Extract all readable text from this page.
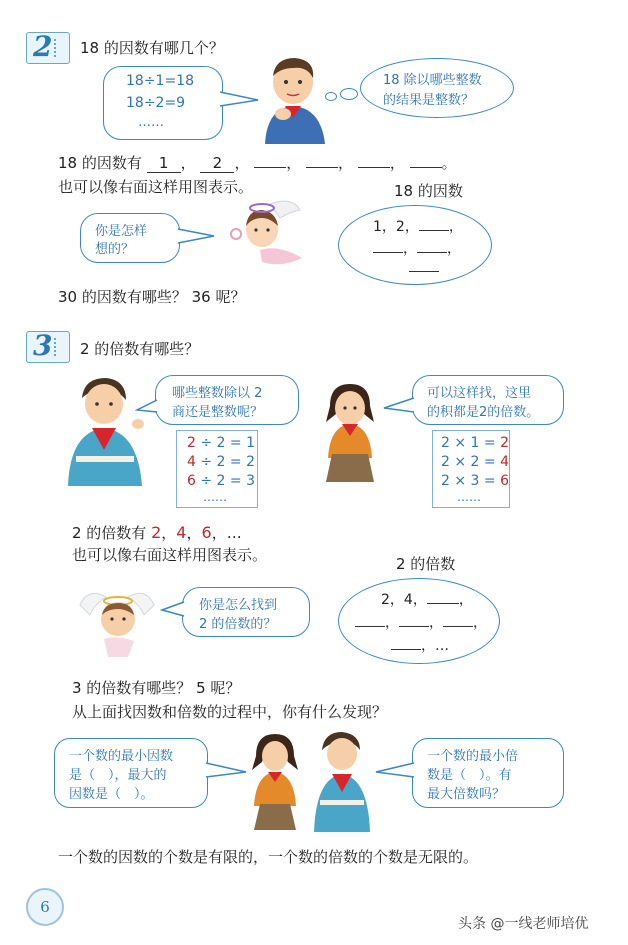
2 18 的因数有哪几个？
18÷1=18
18÷2=9
……
18 除以哪些整数
的结果是整数？
18 的因数有 1 ， 2 ， ， ， ， 。
也可以像右面这样用图表示。	18 的因数
你是怎样
想的？
1，2， ，
， ，
30 的因数有哪些？ 36 呢？
3 2 的倍数有哪些？
哪些整数除以 2
商还是整数呢？
2 ÷ 2 = 1
4 ÷ 2 = 2
6 ÷ 2 = 3
……
可以这样找，这里
的积都是2的倍数。
2 × 1 = 2
2 × 2 = 4
2 × 3 = 6
……
2 的倍数有 2，4，6，…
也可以像右面这样用图表示。	2 的倍数
你是怎么找到
2 的倍数的？
2，4， ，
， ， ，
，…
3 的倍数有哪些？ 5 呢？
从上面找因数和倍数的过程中，你有什么发现？
一个数的最小因数
是（　），最大的
因数是（　）。
一个数的最小倍
数是（　）。有
最大倍数吗？
一个数的因数的个数是有限的，一个数的倍数的个数是无限的。
6
头条 @一线老师培优
